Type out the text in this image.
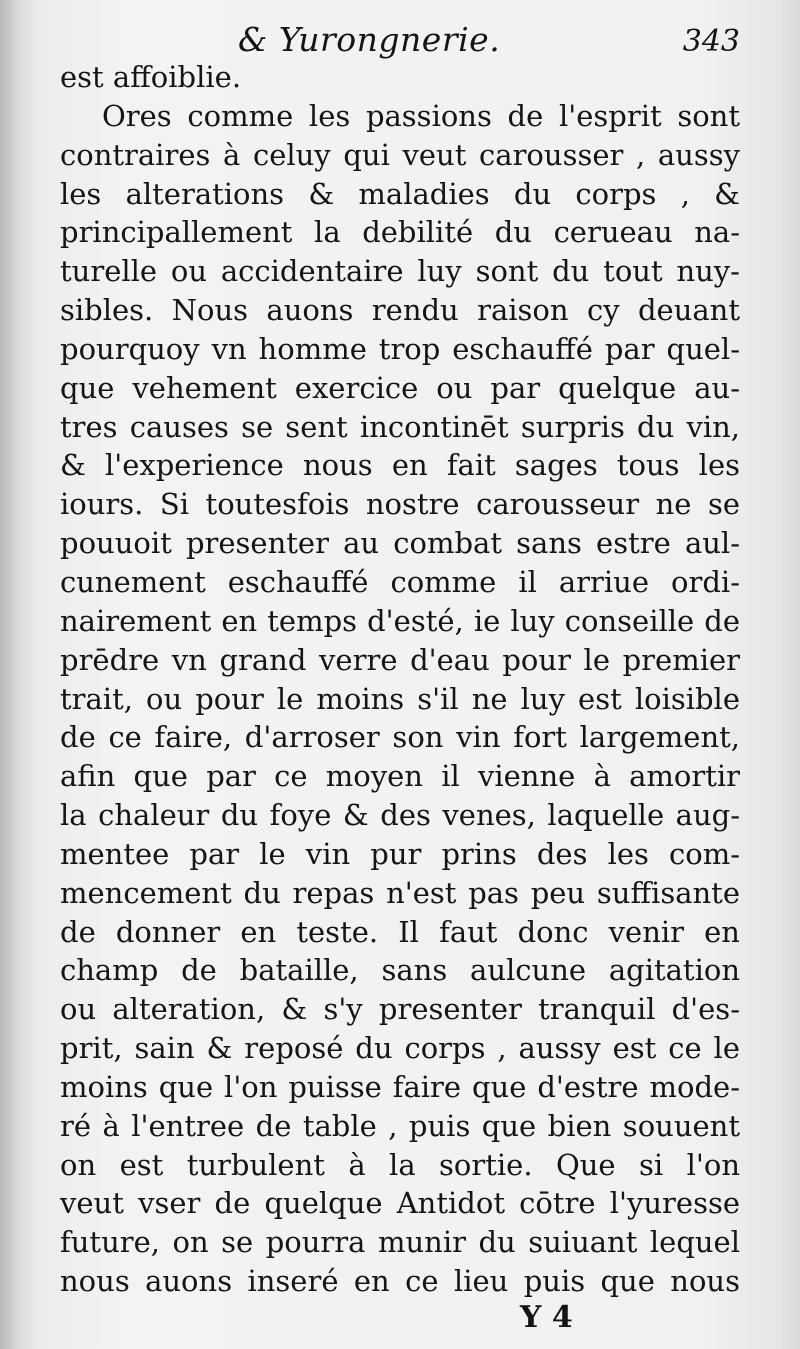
& Yurongnerie.	343
est affoiblie.
Ores comme les passions de l'esprit sont
contraires à celuy qui veut carousser , aussy
les alterations & maladies du corps , &
principallement la debilité du cerueau na-
turelle ou accidentaire luy sont du tout nuy-
sibles. Nous auons rendu raison cy deuant
pourquoy vn homme trop eschauffé par quel-
que vehement exercice ou par quelque au-
tres causes se sent incontinēt surpris du vin,
& l'experience nous en fait sages tous les
iours. Si toutesfois nostre carousseur ne se
pouuoit presenter au combat sans estre aul-
cunement eschauffé comme il arriue ordi-
nairement en temps d'esté, ie luy conseille de
prēdre vn grand verre d'eau pour le premier
trait, ou pour le moins s'il ne luy est loisible
de ce faire, d'arroser son vin fort largement,
afin que par ce moyen il vienne à amortir
la chaleur du foye & des venes, laquelle aug-
mentee par le vin pur prins des les com-
mencement du repas n'est pas peu suffisante
de donner en teste. Il faut donc venir en
champ de bataille, sans aulcune agitation
ou alteration, & s'y presenter tranquil d'es-
prit, sain & reposé du corps , aussy est ce le
moins que l'on puisse faire que d'estre mode-
ré à l'entree de table , puis que bien souuent
on est turbulent à la sortie. Que si l'on
veut vser de quelque Antidot cōtre l'yuresse
future, on se pourra munir du suiuant lequel
nous auons inseré en ce lieu puis que nous
Y 4
